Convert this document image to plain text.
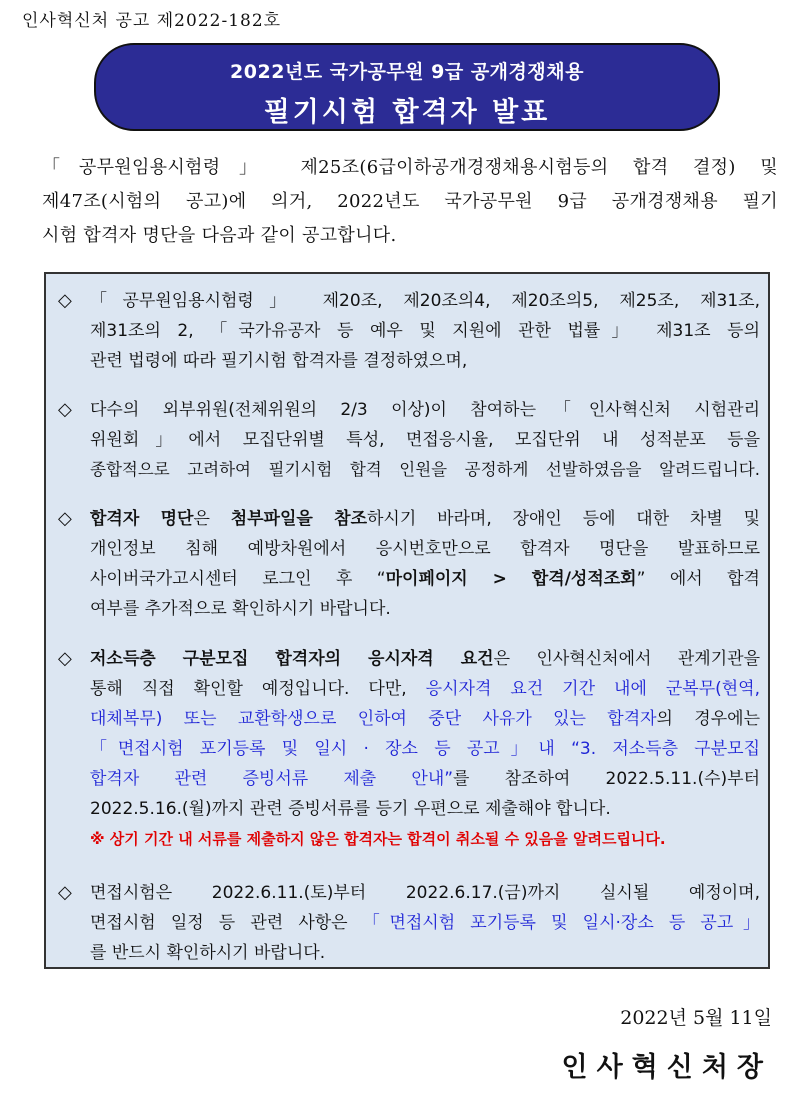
인사혁신처 공고 제2022-182호
2022년도 국가공무원 9급 공개경쟁채용
필기시험 합격자 발표
「공무원임용시험령」 제25조(6급이하공개경쟁채용시험등의 합격 결정) 및
제47조(시험의 공고)에 의거, 2022년도 국가공무원 9급 공개경쟁채용 필기
시험 합격자 명단을 다음과 같이 공고합니다.
◇ 「공무원임용시험령」 제20조, 제20조의4, 제20조의5, 제25조, 제31조,
제31조의 2, 「국가유공자 등 예우 및 지원에 관한 법률」 제31조 등의
관련 법령에 따라 필기시험 합격자를 결정하였으며,
◇ 다수의 외부위원(전체위원의 2/3 이상)이 참여하는「인사혁신처 시험관리
위원회」에서 모집단위별 특성, 면접응시율, 모집단위 내 성적분포 등을
종합적으로 고려하여 필기시험 합격 인원을 공정하게 선발하였음을 알려드립니다.
◇ 합격자 명단은 첨부파일을 참조하시기 바라며, 장애인 등에 대한 차별 및
개인정보 침해 예방차원에서 응시번호만으로 합격자 명단을 발표하므로
사이버국가고시센터 로그인 후 “마이페이지 > 합격/성적조회” 에서 합격
여부를 추가적으로 확인하시기 바랍니다.
◇ 저소득층 구분모집 합격자의 응시자격 요건은 인사혁신처에서 관계기관을
통해 직접 확인할 예정입니다. 다만, 응시자격 요건 기간 내에 군복무(현역,
대체복무) 또는 교환학생으로 인하여 중단 사유가 있는 합격자의 경우에는
「면접시험 포기등록 및 일시 · 장소 등 공고」내 “3. 저소득층 구분모집
합격자 관련 증빙서류 제출 안내”를 참조하여 2022.5.11.(수)부터
2022.5.16.(월)까지 관련 증빙서류를 등기 우편으로 제출해야 합니다.
※ 상기 기간 내 서류를 제출하지 않은 합격자는 합격이 취소될 수 있음을 알려드립니다.
◇ 면접시험은 2022.6.11.(토)부터 2022.6.17.(금)까지 실시될 예정이며,
면접시험 일정 등 관련 사항은 「면접시험 포기등록 및 일시·장소 등 공고」
를 반드시 확인하시기 바랍니다.
2022년 5월 11일
인사혁신처장
